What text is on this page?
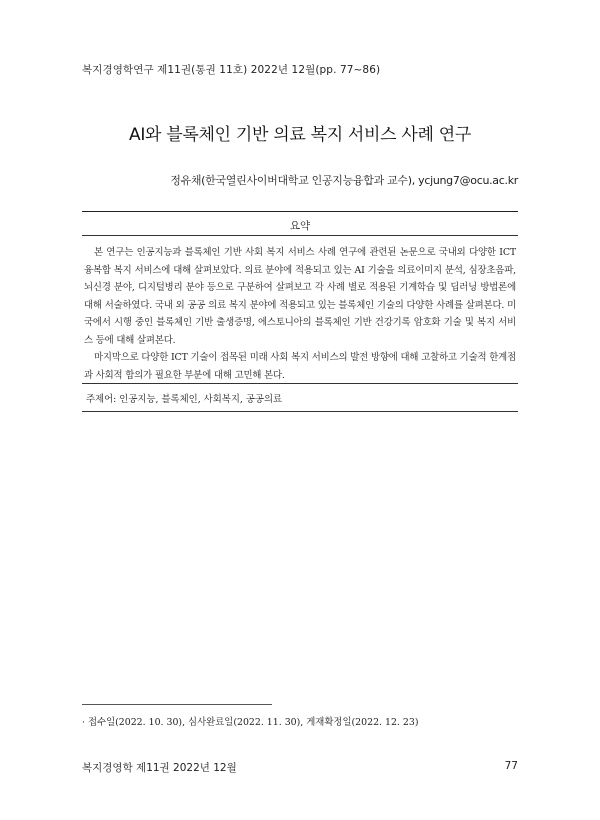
복지경영학연구 제11권(통권 11호) 2022년 12월(pp. 77~86)
AI와 블록체인 기반 의료 복지 서비스 사례 연구
정유채(한국열린사이버대학교 인공지능융합과 교수), ycjung7@ocu.ac.kr
요약

본 연구는 인공지능과 블록체인 기반 사회 복지 서비스 사례 연구에 관련된 논문으로 국내외 다양한 ICT 융복합 복지 서비스에 대해 살펴보았다. 의료 분야에 적용되고 있는 AI 기술을 의료이미지 분석, 심장초음파, 뇌신경 분야, 디지털병리 분야 등으로 구분하여 살펴보고 각 사례 별로 적용된 기계학습 및 딥러닝 방법론에 대해 서술하였다. 국내 외 공공 의료 복지 분야에 적용되고 있는 블록체인 기술의 다양한 사례를 살펴본다. 미국에서 시행 중인 블록체인 기반 출생증명, 에스토니아의 블록체인 기반 건강기록 암호화 기술 및 복지 서비스 등에 대해 살펴본다.

마지막으로 다양한 ICT 기술이 접목된 미래 사회 복지 서비스의 발전 방향에 대해 고찰하고 기술적 한계점과 사회적 합의가 필요한 부분에 대해 고민해 본다.

주제어: 인공지능, 블록체인, 사회복지, 공공의료
· 접수일(2022. 10. 30), 심사완료일(2022. 11. 30), 게재확정일(2022. 12. 23)
복지경영학 제11권 2022년 12월	77
